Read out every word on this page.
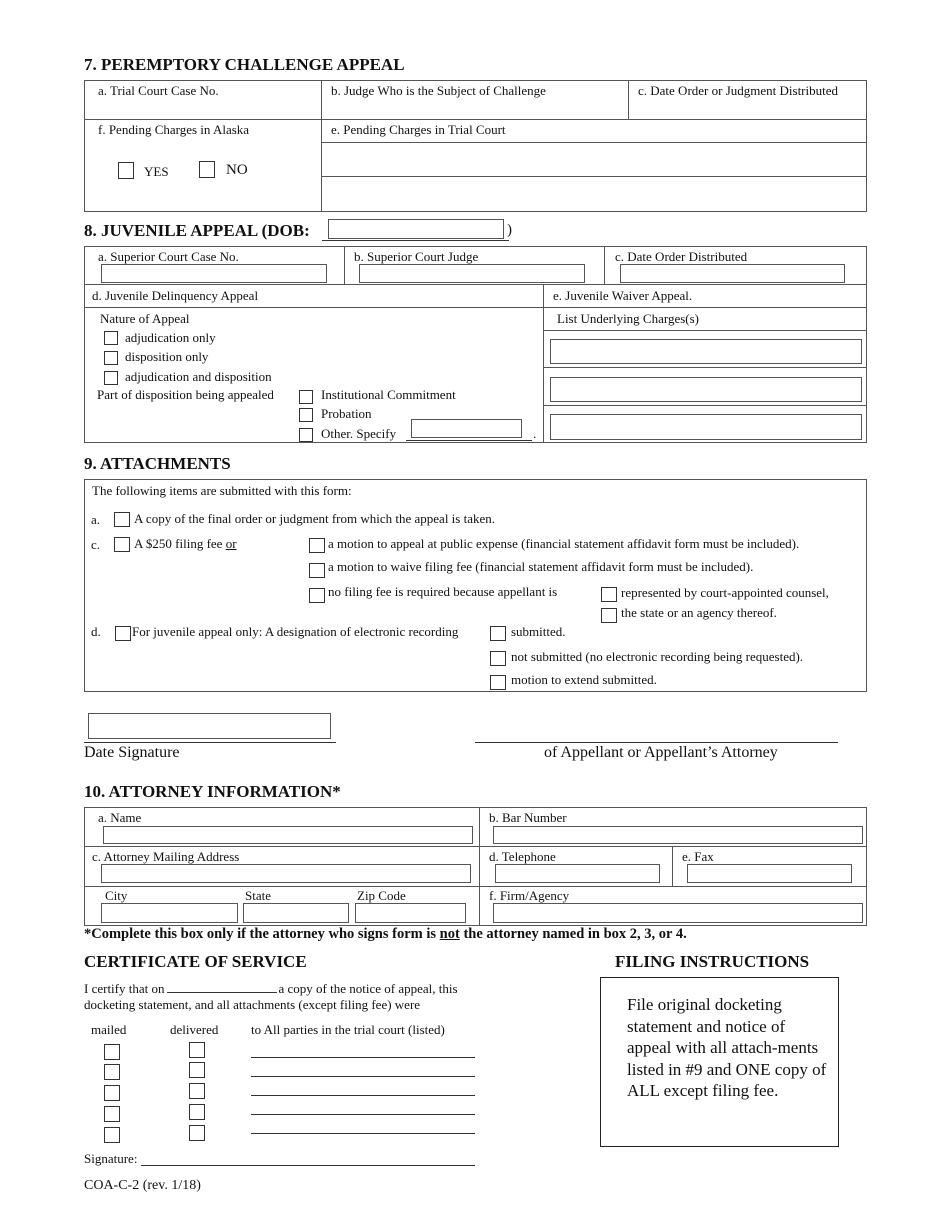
7. PEREMPTORY CHALLENGE APPEAL
a. Trial Court Case No.	b. Judge Who is the Subject of Challenge	c. Date Order or Judgment Distributed
f. Pending Charges in Alaska	e. Pending Charges in Trial Court
YES	NO
8. JUVENILE APPEAL (DOB:	)
a. Superior Court Case No.	b. Superior Court Judge	c. Date Order Distributed
d. Juvenile Delinquency Appeal	e. Juvenile Waiver Appeal.
Nature of Appeal
adjudication only
disposition only
adjudication and disposition
Part of disposition being appealed	Institutional Commitment
Probation
Other. Specify	.
List Underlying Charges(s)
9. ATTACHMENTS
The following items are submitted with this form:
a.	A copy of the final order or judgment from which the appeal is taken.
c.	A $250 filing fee or	a motion to appeal at public expense (financial statement affidavit form must be included).
a motion to waive filing fee (financial statement affidavit form must be included).
no filing fee is required because appellant is	represented by court-appointed counsel,
the state or an agency thereof.
d. For juvenile appeal only: A designation of electronic recording	submitted.
not submitted (no electronic recording being requested).
motion to extend submitted.
Date Signature	of Appellant or Appellant’s Attorney
10. ATTORNEY INFORMATION*
a. Name	b. Bar Number
c. Attorney Mailing Address	d. Telephone	e. Fax
City	State	Zip Code	f. Firm/Agency
*Complete this box only if the attorney who signs form is not the attorney named in box 2, 3, or 4.
CERTIFICATE OF SERVICE
I certify that on	a copy of the notice of appeal, this
docketing statement, and all attachments (except filing fee) were
mailed	delivered	to All parties in the trial court (listed)
Signature:
FILING INSTRUCTIONS
File original docketing statement and notice of appeal with all attach-ments listed in #9 and ONE copy of ALL except filing fee.
COA-C-2 (rev. 1/18)
